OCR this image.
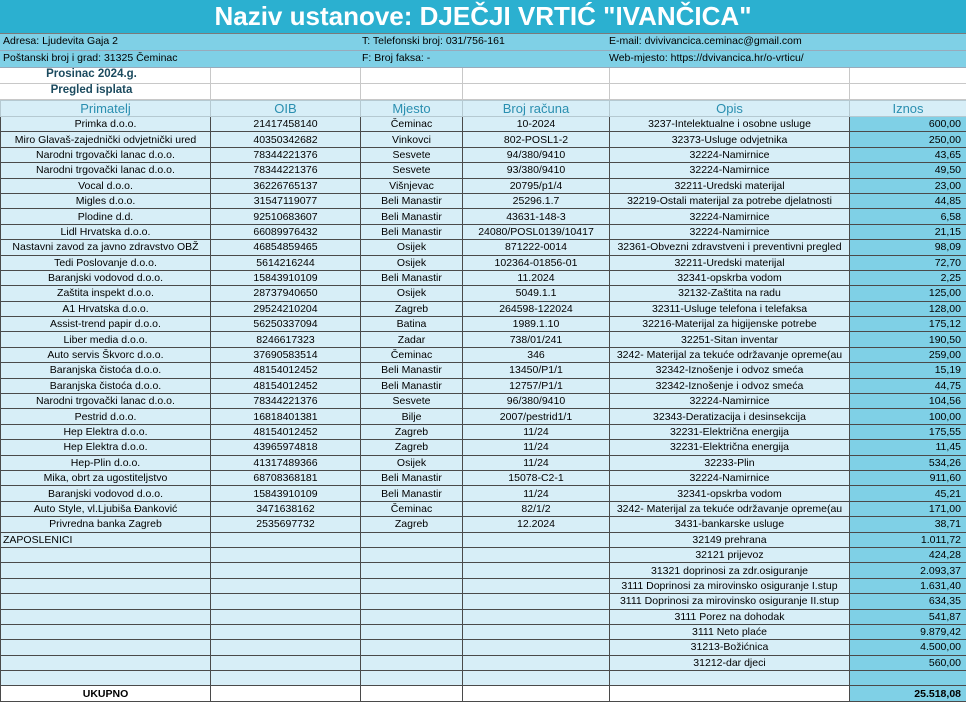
Naziv ustanove: DJEČJI VRTIĆ "IVANČICA"
Adresa: Ljudevita Gaja 2	T: Telefonski broj: 031/756-161	E-mail: dvivivancica.ceminac@gmail.com
Poštanski broj i grad: 31325 Čeminac	F: Broj faksa: -	Web-mjesto: https://dvivancica.hr/o-vrticu/
Prosinac 2024.g.
Pregled isplata
Primatelj	OIB	Mjesto	Broj računa	Opis	Iznos
Primka d.o.o.	21417458140	Čeminac	10-2024	3237-Intelektualne i osobne usluge	600,00
Miro Glavaš-zajednički odvjetnički ured	40350342682	Vinkovci	802-POSL1-2	32373-Usluge odvjetnika	250,00
Narodni trgovački lanac d.o.o.	78344221376	Sesvete	94/380/9410	32224-Namirnice	43,65
Narodni trgovački lanac d.o.o.	78344221376	Sesvete	93/380/9410	32224-Namirnice	49,50
Vocal d.o.o.	36226765137	Višnjevac	20795/p1/4	32211-Uredski materijal	23,00
Migles d.o.o.	31547119077	Beli Manastir	25296.1.7	32219-Ostali materijal za potrebe djelatnosti	44,85
Plodine d.d.	92510683607	Beli Manastir	43631-148-3	32224-Namirnice	6,58
Lidl Hrvatska d.o.o.	66089976432	Beli Manastir	24080/POSL0139/10417	32224-Namirnice	21,15
Nastavni zavod za javno zdravstvo OBŽ	46854859465	Osijek	871222-0014	32361-Obvezni zdravstveni i preventivni pregled	98,09
Tedi Poslovanje d.o.o.	5614216244	Osijek	102364-01856-01	32211-Uredski materijal	72,70
Baranjski vodovod d.o.o.	15843910109	Beli Manastir	11.2024	32341-opskrba vodom	2,25
Zaštita inspekt d.o.o.	28737940650	Osijek	5049.1.1	32132-Zaštita na radu	125,00
A1 Hrvatska d.o.o.	29524210204	Zagreb	264598-122024	32311-Usluge telefona i telefaksa	128,00
Assist-trend papir d.o.o.	56250337094	Batina	1989.1.10	32216-Materijal za higijenske potrebe	175,12
Liber media d.o.o.	8246617323	Zadar	738/01/241	32251-Sitan inventar	190,50
Auto servis Škvorc d.o.o.	37690583514	Čeminac	346	3242- Materijal za tekuće održavanje opreme(au	259,00
Baranjska čistoća d.o.o.	48154012452	Beli Manastir	13450/P1/1	32342-Iznošenje i odvoz smeća	15,19
Baranjska čistoća d.o.o.	48154012452	Beli Manastir	12757/P1/1	32342-Iznošenje i odvoz smeća	44,75
Narodni trgovački lanac d.o.o.	78344221376	Sesvete	96/380/9410	32224-Namirnice	104,56
Pestrid d.o.o.	16818401381	Bilje	2007/pestrid1/1	32343-Deratizacija i desinsekcija	100,00
Hep Elektra d.o.o.	48154012452	Zagreb	11/24	32231-Električna energija	175,55
Hep Elektra d.o.o.	43965974818	Zagreb	11/24	32231-Električna energija	11,45
Hep-Plin d.o.o.	41317489366	Osijek	11/24	32233-Plin	534,26
Mika, obrt za ugostiteljstvo	68708368181	Beli Manastir	15078-C2-1	32224-Namirnice	911,60
Baranjski vodovod d.o.o.	15843910109	Beli Manastir	11/24	32341-opskrba vodom	45,21
Auto Style, vl.Ljubiša Đanković	3471638162	Čeminac	82/1/2	3242- Materijal za tekuće održavanje opreme(au	171,00
Privredna banka Zagreb	2535697732	Zagreb	12.2024	3431-bankarske usluge	38,71
ZAPOSLENICI				32149 prehrana	1.011,72
				32121 prijevoz	424,28
				31321 doprinosi za zdr.osiguranje	2.093,37
				3111 Doprinosi za mirovinsko osiguranje I.stup	1.631,40
				3111 Doprinosi za mirovinsko osiguranje II.stup	634,35
				3111 Porez na dohodak	541,87
				3111 Neto plaće	9.879,42
				31213-Božićnica	4.500,00
				31212-dar djeci	560,00

UKUPNO					25.518,08
